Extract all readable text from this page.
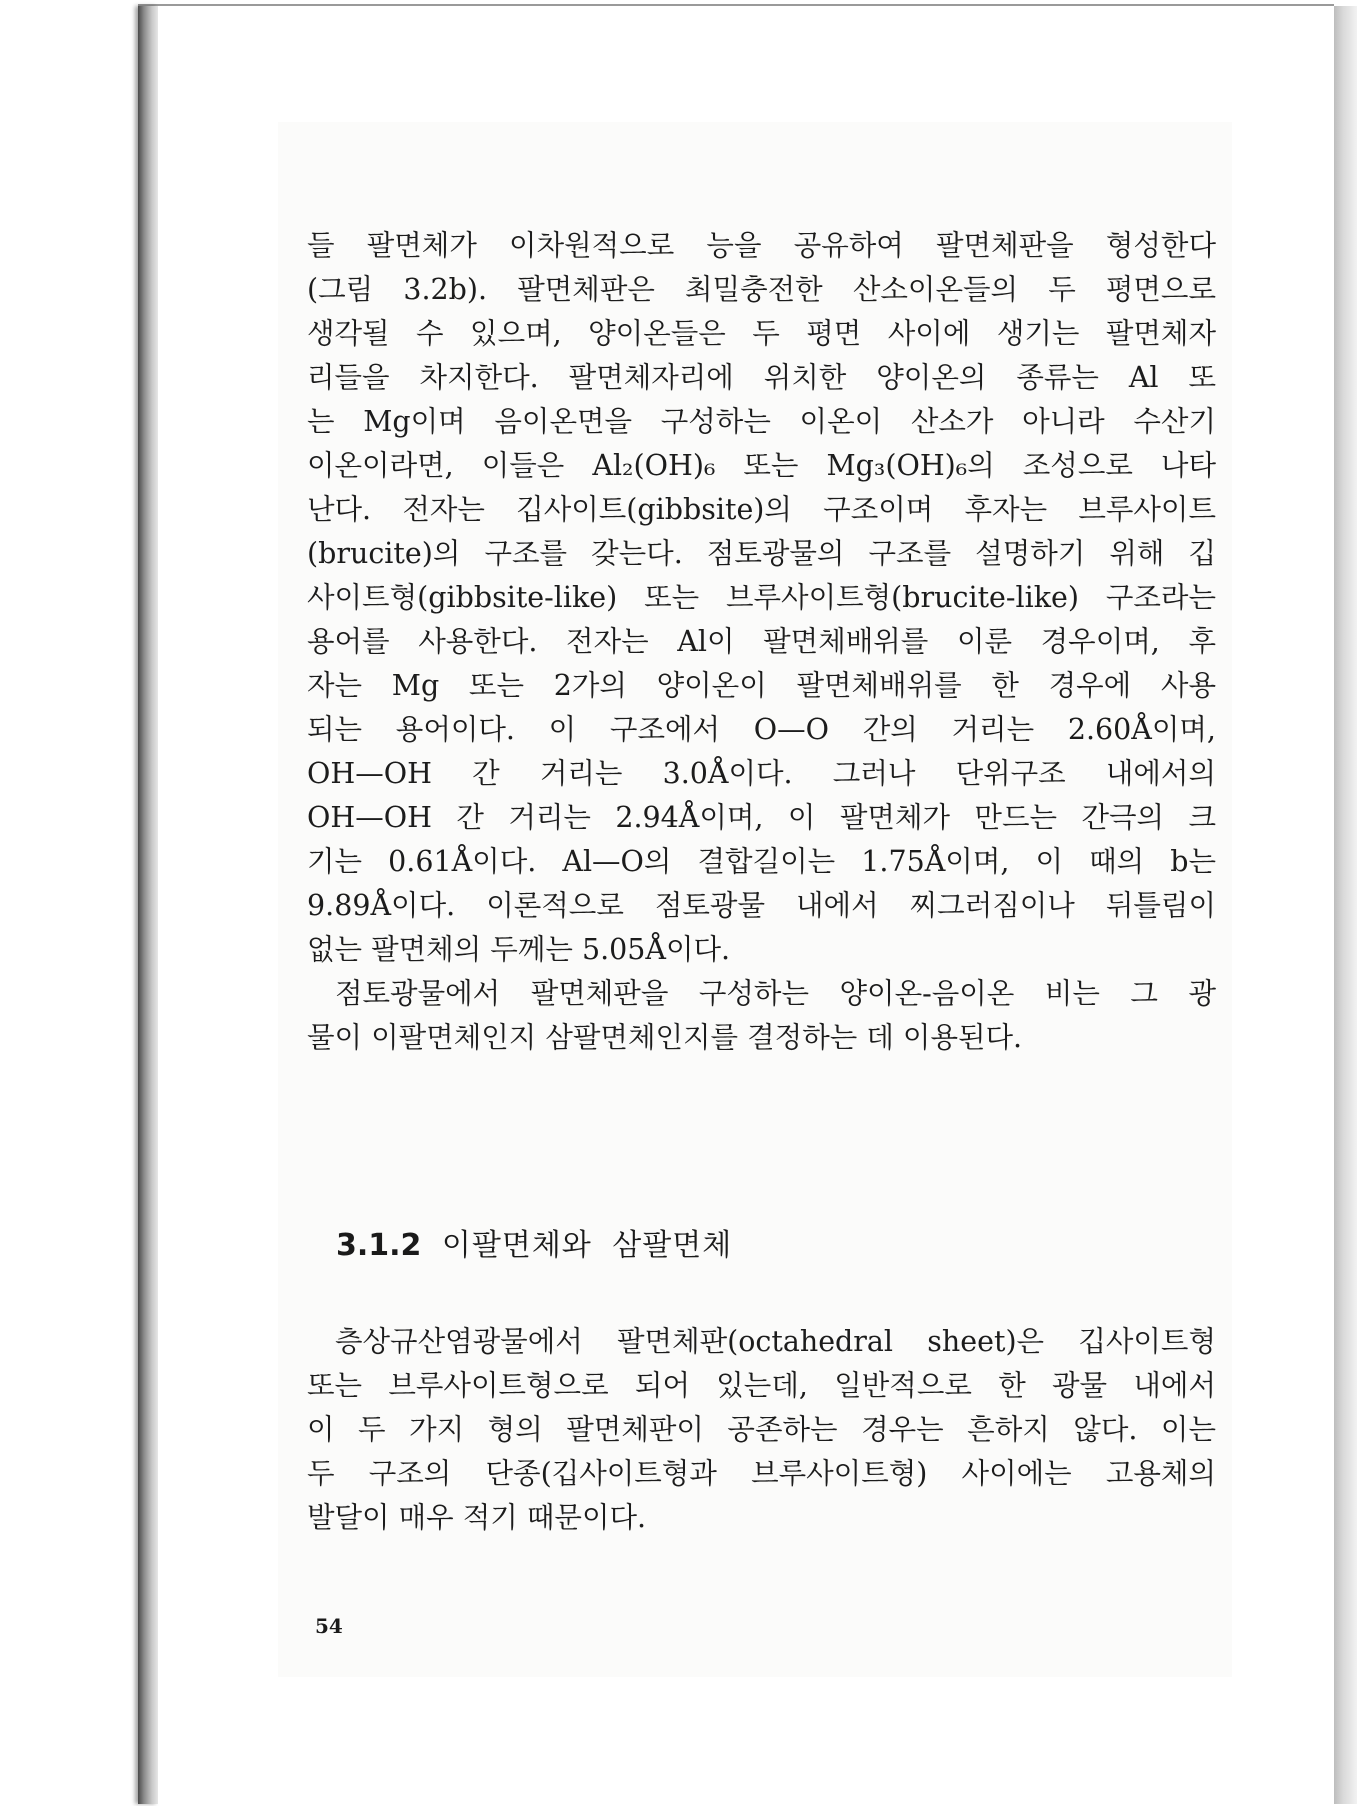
들 팔면체가 이차원적으로 능을 공유하여 팔면체판을 형성한다
(그림 3.2b). 팔면체판은 최밀충전한 산소이온들의 두 평면으로
생각될 수 있으며, 양이온들은 두 평면 사이에 생기는 팔면체자
리들을 차지한다. 팔면체자리에 위치한 양이온의 종류는 Al 또
는 Mg이며 음이온면을 구성하는 이온이 산소가 아니라 수산기
이온이라면, 이들은 Al₂(OH)₆ 또는 Mg₃(OH)₆의 조성으로 나타
난다. 전자는 깁사이트(gibbsite)의 구조이며 후자는 브루사이트
(brucite)의 구조를 갖는다. 점토광물의 구조를 설명하기 위해 깁
사이트형(gibbsite-like) 또는 브루사이트형(brucite-like) 구조라는
용어를 사용한다. 전자는 Al이 팔면체배위를 이룬 경우이며, 후
자는 Mg 또는 2가의 양이온이 팔면체배위를 한 경우에 사용
되는 용어이다. 이 구조에서 O—O 간의 거리는 2.60Å이며,
OH—OH 간 거리는 3.0Å이다. 그러나 단위구조 내에서의
OH—OH 간 거리는 2.94Å이며, 이 팔면체가 만드는 간극의 크
기는 0.61Å이다. Al—O의 결합길이는 1.75Å이며, 이 때의 b는
9.89Å이다. 이론적으로 점토광물 내에서 찌그러짐이나 뒤틀림이
없는 팔면체의 두께는 5.05Å이다.
점토광물에서 팔면체판을 구성하는 양이온-음이온 비는 그 광
물이 이팔면체인지 삼팔면체인지를 결정하는 데 이용된다.
3.1.2 이팔면체와 삼팔면체
층상규산염광물에서 팔면체판(octahedral sheet)은 깁사이트형
또는 브루사이트형으로 되어 있는데, 일반적으로 한 광물 내에서
이 두 가지 형의 팔면체판이 공존하는 경우는 흔하지 않다. 이는
두 구조의 단종(깁사이트형과 브루사이트형) 사이에는 고용체의
발달이 매우 적기 때문이다.
54
